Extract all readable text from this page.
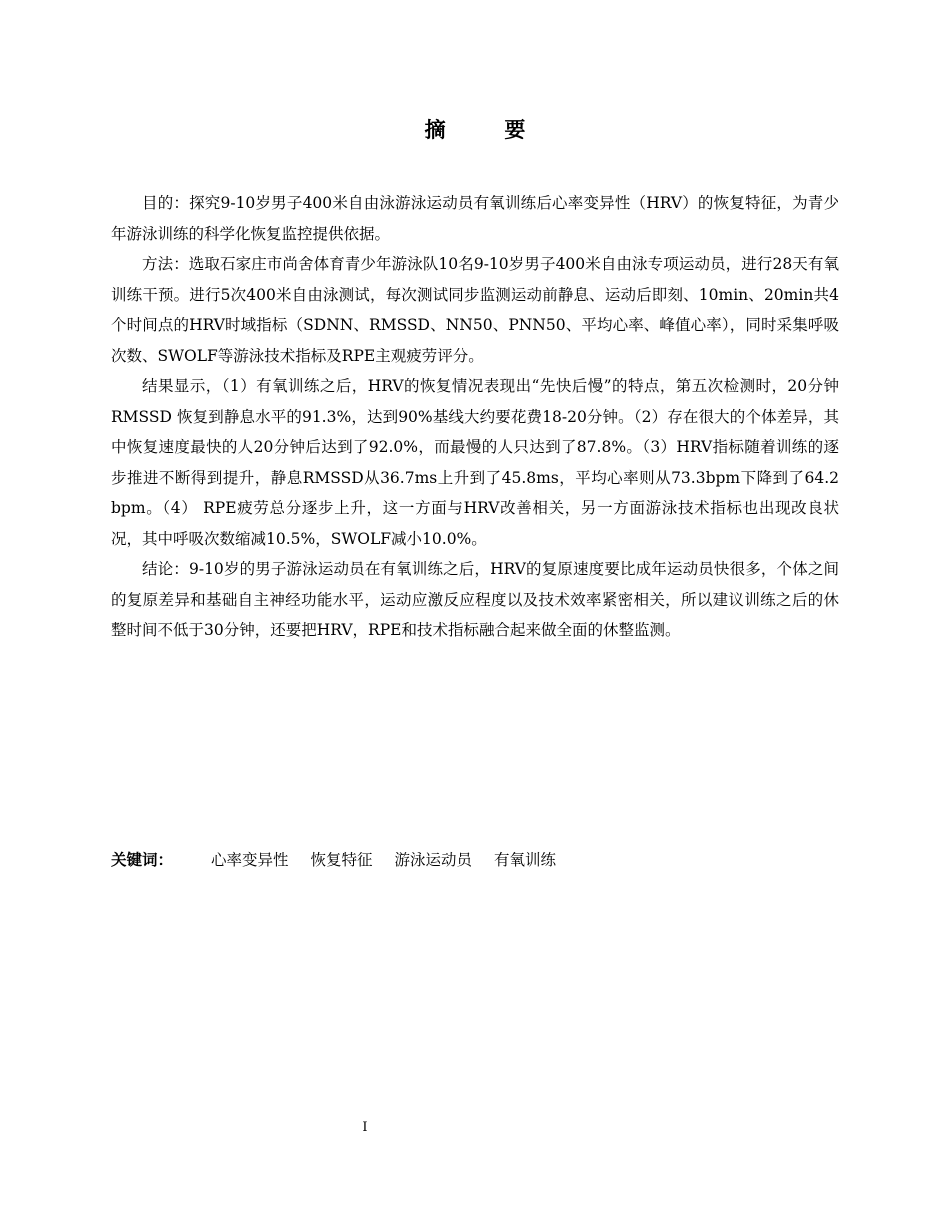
摘　要

目的：探究9-10岁男子400米自由泳游泳运动员有氧训练后心率变异性（HRV）的恢复特征，为青少年游泳训练的科学化恢复监控提供依据。

方法：选取石家庄市尚舍体育青少年游泳队10名9-10岁男子400米自由泳专项运动员，进行28天有氧训练干预。进行5次400米自由泳测试，每次测试同步监测运动前静息、运动后即刻、10min、20min共4个时间点的HRV时域指标（SDNN、RMSSD、NN50、PNN50、平均心率、峰值心率），同时采集呼吸次数、SWOLF等游泳技术指标及RPE主观疲劳评分。

结果显示，（1）有氧训练之后，HRV的恢复情况表现出“先快后慢”的特点，第五次检测时，20分钟 RMSSD 恢复到静息水平的91.3%，达到90%基线大约要花费18-20分钟。（2）存在很大的个体差异，其中恢复速度最快的人20分钟后达到了92.0%，而最慢的人只达到了87.8%。（3）HRV指标随着训练的逐步推进不断得到提升，静息RMSSD从36.7ms上升到了45.8ms，平均心率则从73.3bpm下降到了64.2 bpm。（4） RPE疲劳总分逐步上升，这一方面与HRV改善相关，另一方面游泳技术指标也出现改良状况，其中呼吸次数缩减10.5%，SWOLF减小10.0%。

结论：9-10岁的男子游泳运动员在有氧训练之后，HRV的复原速度要比成年运动员快很多，个体之间的复原差异和基础自主神经功能水平，运动应激反应程度以及技术效率紧密相关，所以建议训练之后的休整时间不低于30分钟，还要把HRV，RPE和技术指标融合起来做全面的休整监测。

关键词： 心率变异性 恢复特征 游泳运动员 有氧训练
I
